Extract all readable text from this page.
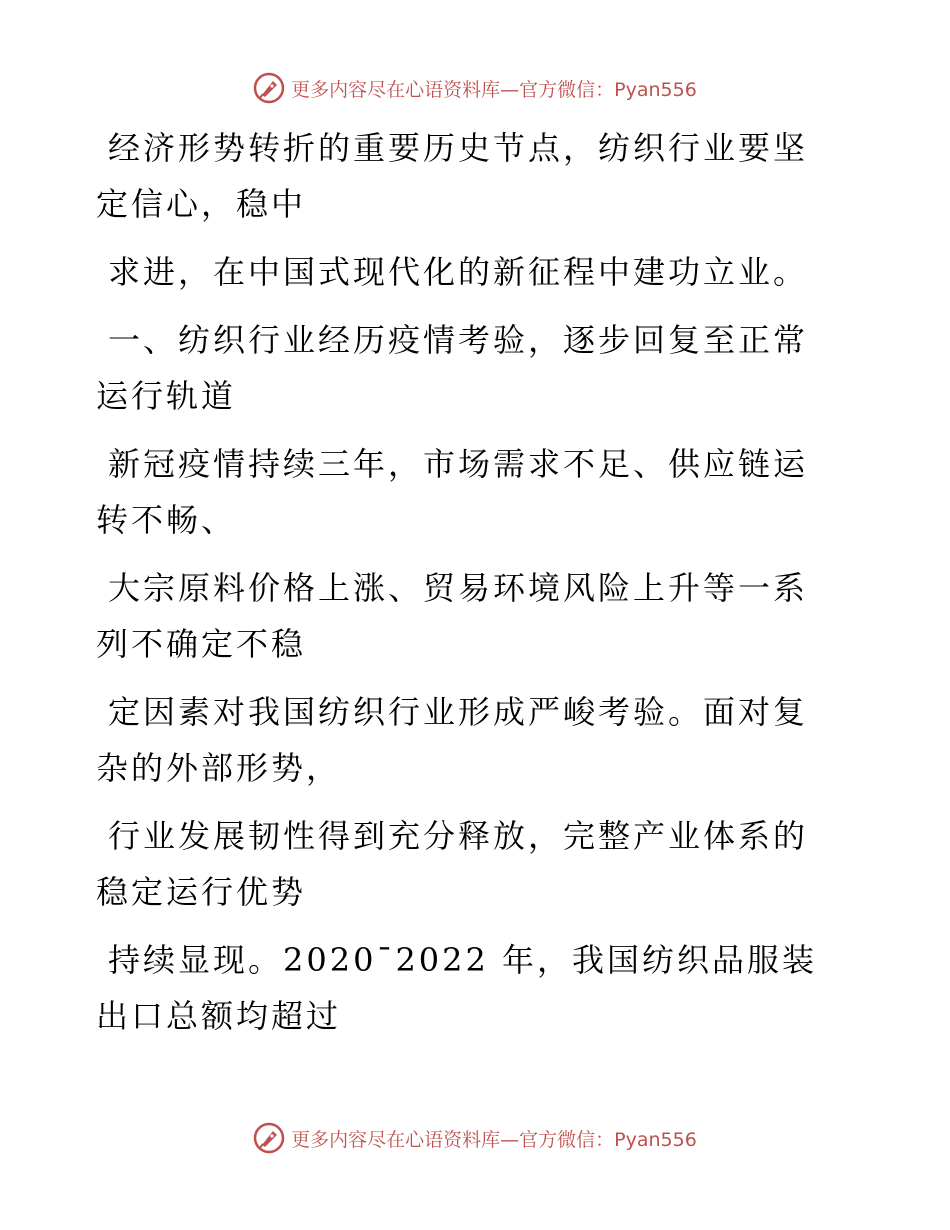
更多内容尽在心语资料库—官方微信：Pyan556

经济形势转折的重要历史节点，纺织行业要坚定信心，稳中

求进，在中国式现代化的新征程中建功立业。

一、纺织行业经历疫情考验，逐步回复至正常运行轨道

新冠疫情持续三年，市场需求不足、供应链运转不畅、

大宗原料价格上涨、贸易环境风险上升等一系列不确定不稳

定因素对我国纺织行业形成严峻考验。面对复杂的外部形势，

行业发展韧性得到充分释放，完整产业体系的稳定运行优势

持续显现。2020¯2022 年，我国纺织品服装出口总额均超过

更多内容尽在心语资料库—官方微信：Pyan556
